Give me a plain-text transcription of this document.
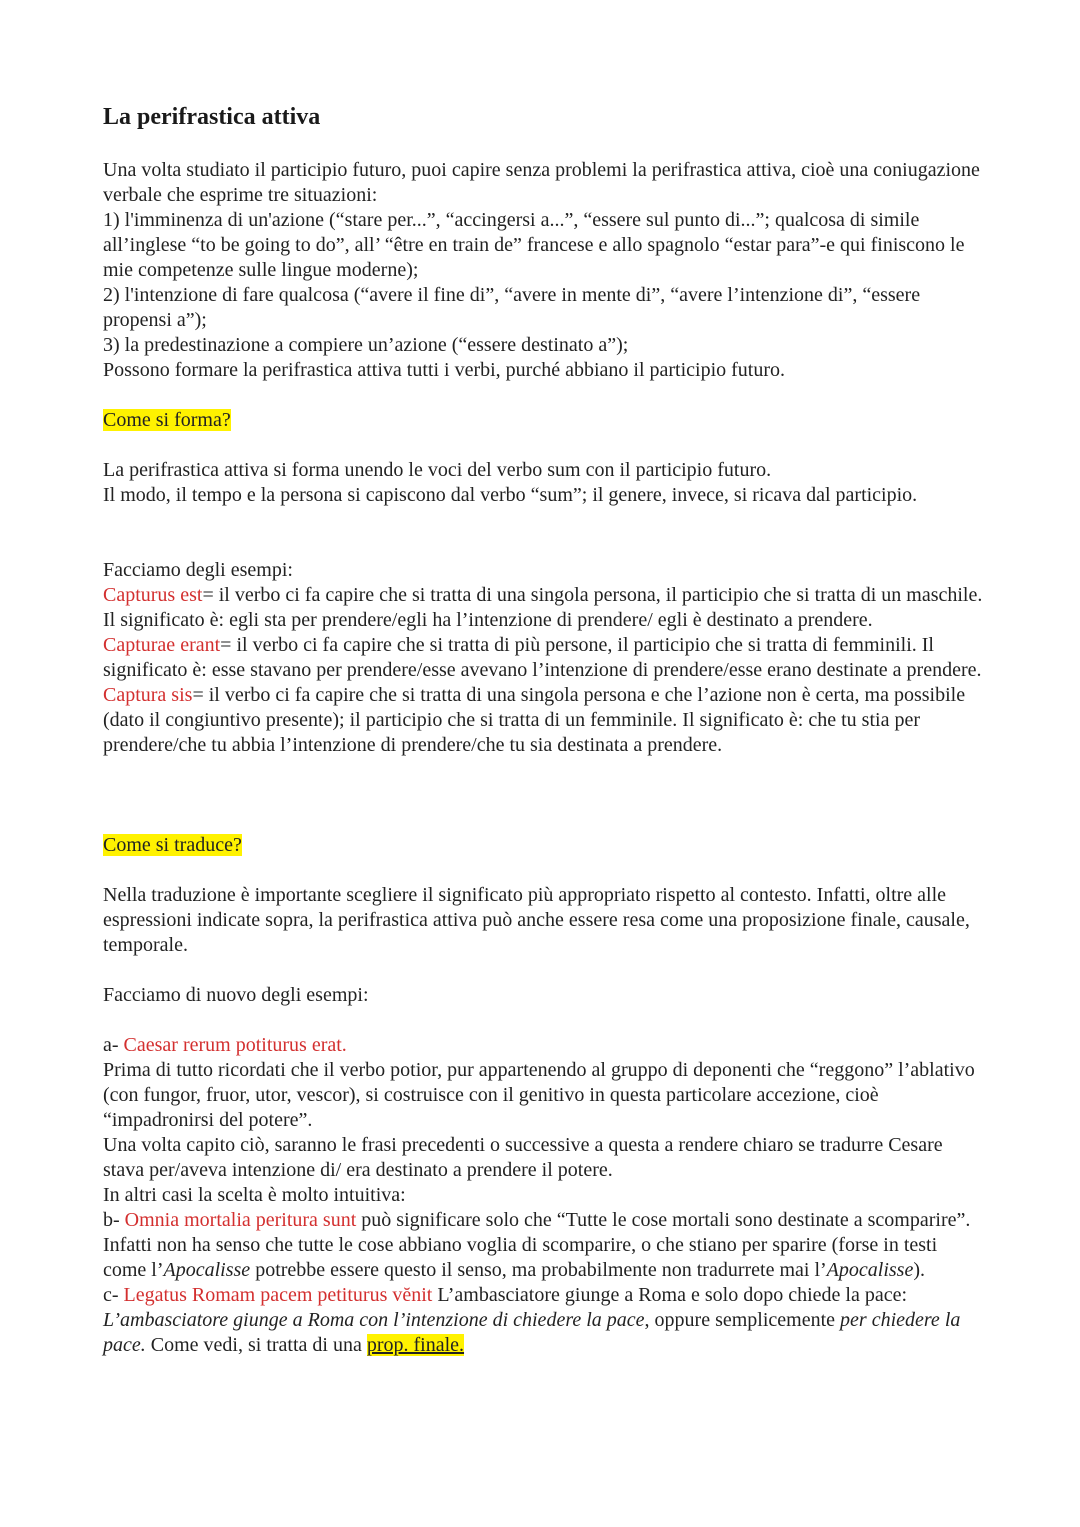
La perifrastica attiva

Una volta studiato il participio futuro, puoi capire senza problemi la perifrastica attiva, cioè una coniugazione verbale che esprime tre situazioni:

1) l'imminenza di un'azione (“stare per...”, “accingersi a...”, “essere sul punto di...”; qualcosa di simile all’inglese “to be going to do”, all’ “être en train de” francese e allo spagnolo “estar para”-e qui finiscono le mie competenze sulle lingue moderne);

2) l'intenzione di fare qualcosa (“avere il fine di”, “avere in mente di”, “avere l’intenzione di”, “essere propensi a”);

3) la predestinazione a compiere un’azione (“essere destinato a”);

Possono formare la perifrastica attiva tutti i verbi, purché abbiano il participio futuro.

Come si forma?

La perifrastica attiva si forma unendo le voci del verbo sum con il participio futuro.

Il modo, il tempo e la persona si capiscono dal verbo “sum”; il genere, invece, si ricava dal participio.

Facciamo degli esempi:

Capturus est= il verbo ci fa capire che si tratta di una singola persona, il participio che si tratta di un maschile. Il significato è: egli sta per prendere/egli ha l’intenzione di prendere/ egli è destinato a prendere.

Capturae erant= il verbo ci fa capire che si tratta di più persone, il participio che si tratta di femminili. Il significato è: esse stavano per prendere/esse avevano l’intenzione di prendere/esse erano destinate a prendere.

Captura sis= il verbo ci fa capire che si tratta di una singola persona e che l’azione non è certa, ma possibile (dato il congiuntivo presente); il participio che si tratta di un femminile. Il significato è: che tu stia per prendere/che tu abbia l’intenzione di prendere/che tu sia destinata a prendere.

Come si traduce?

Nella traduzione è importante scegliere il significato più appropriato rispetto al contesto. Infatti, oltre alle espressioni indicate sopra, la perifrastica attiva può anche essere resa come una proposizione finale, causale, temporale.

Facciamo di nuovo degli esempi:

a- Caesar rerum potiturus erat.

Prima di tutto ricordati che il verbo potior, pur appartenendo al gruppo di deponenti che “reggono” l’ablativo (con fungor, fruor, utor, vescor), si costruisce con il genitivo in questa particolare accezione, cioè “impadronirsi del potere”.

Una volta capito ciò, saranno le frasi precedenti o successive a questa a rendere chiaro se tradurre Cesare stava per/aveva intenzione di/ era destinato a prendere il potere.

In altri casi la scelta è molto intuitiva:

b- Omnia mortalia peritura sunt può significare solo che “Tutte le cose mortali sono destinate a scomparire”. Infatti non ha senso che tutte le cose abbiano voglia di scomparire, o che stiano per sparire (forse in testi come l’Apocalisse potrebbe essere questo il senso, ma probabilmente non tradurrete mai l’Apocalisse).

c- Legatus Romam pacem petiturus vĕnit L’ambasciatore giunge a Roma e solo dopo chiede la pace: L’ambasciatore giunge a Roma con l’intenzione di chiedere la pace, oppure semplicemente per chiedere la pace. Come vedi, si tratta di una prop. finale.
